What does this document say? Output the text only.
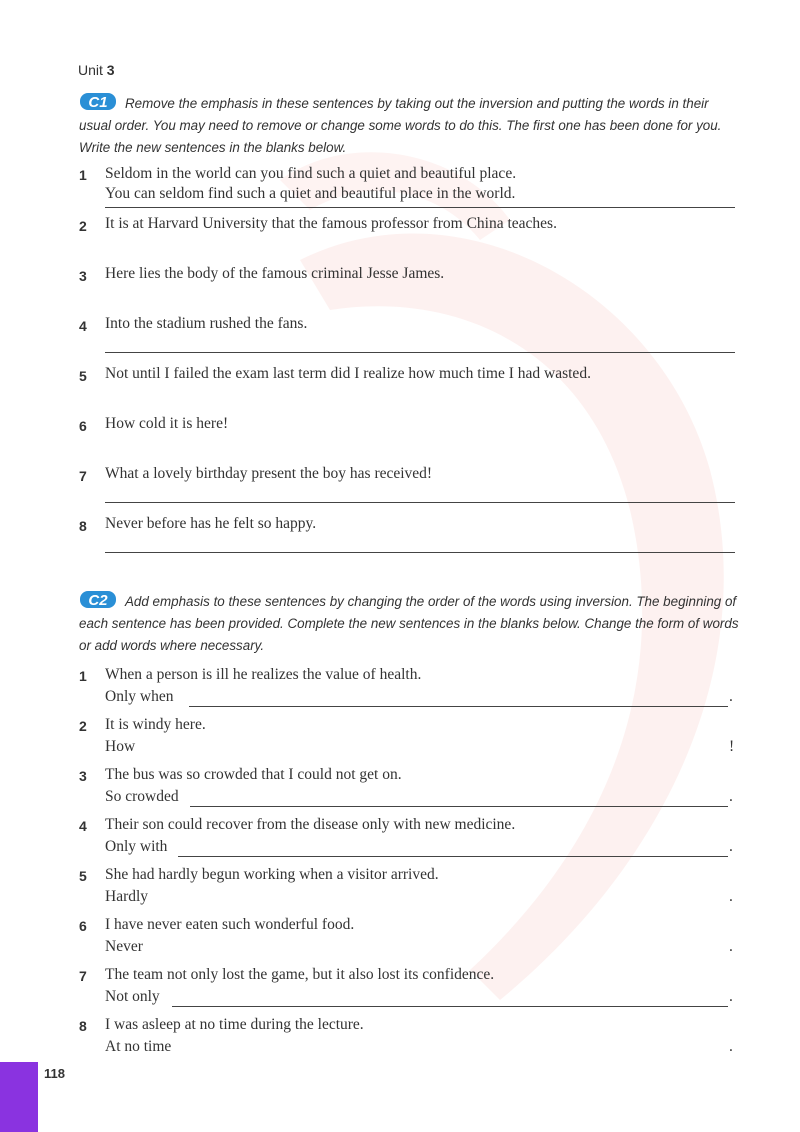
Unit 3
C1 Remove the emphasis in these sentences by taking out the inversion and putting the words in their usual order. You may need to remove or change some words to do this. The first one has been done for you. Write the new sentences in the blanks below.
1 Seldom in the world can you find such a quiet and beautiful place.
You can seldom find such a quiet and beautiful place in the world.
2 It is at Harvard University that the famous professor from China teaches.
3 Here lies the body of the famous criminal Jesse James.
4 Into the stadium rushed the fans.
5 Not until I failed the exam last term did I realize how much time I had wasted.
6 How cold it is here!
7 What a lovely birthday present the boy has received!
8 Never before has he felt so happy.
C2 Add emphasis to these sentences by changing the order of the words using inversion. The beginning of each sentence has been provided. Complete the new sentences in the blanks below. Change the form of words or add words where necessary.
1 When a person is ill he realizes the value of health.
Only when	.
2 It is windy here.
How	!
3 The bus was so crowded that I could not get on.
So crowded	.
4 Their son could recover from the disease only with new medicine.
Only with	.
5 She had hardly begun working when a visitor arrived.
Hardly	.
6 I have never eaten such wonderful food.
Never	.
7 The team not only lost the game, but it also lost its confidence.
Not only	.
8 I was asleep at no time during the lecture.
At no time	.
118
